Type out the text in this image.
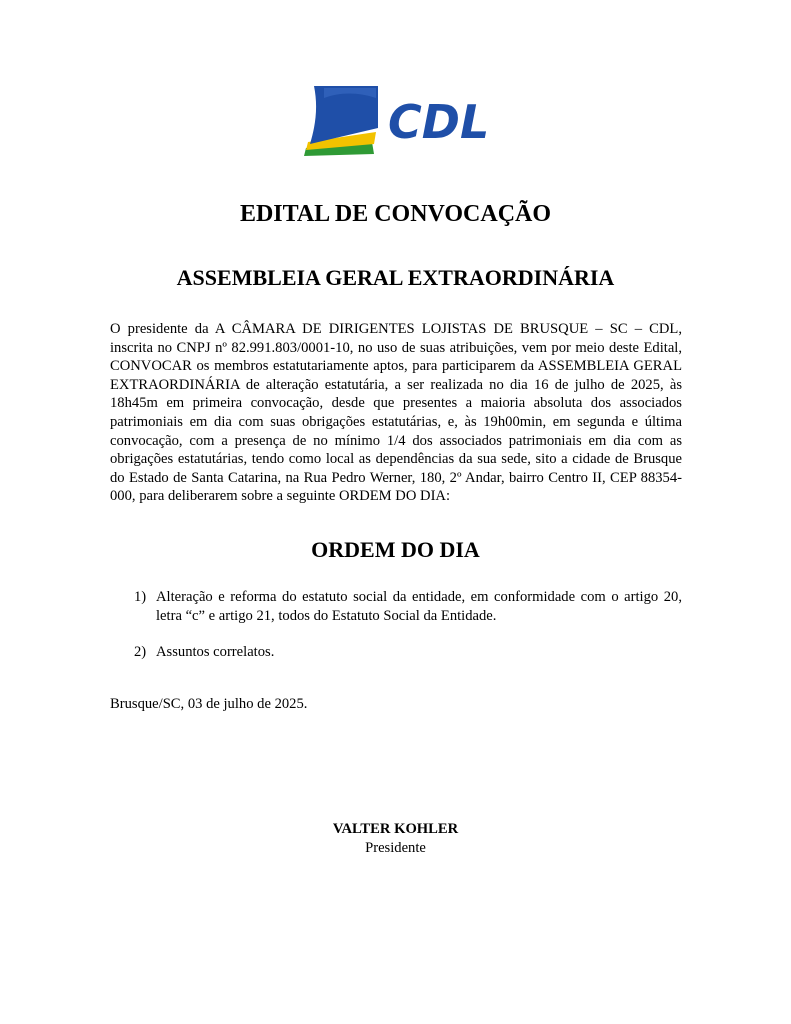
CDL
EDITAL DE CONVOCAÇÃO
ASSEMBLEIA GERAL EXTRAORDINÁRIA

O presidente da A CÂMARA DE DIRIGENTES LOJISTAS DE BRUSQUE – SC – CDL, inscrita no CNPJ nº 82.991.803/0001-10, no uso de suas atribuições, vem por meio deste Edital, CONVOCAR os membros estatutariamente aptos, para participarem da ASSEMBLEIA GERAL EXTRAORDINÁRIA de alteração estatutária, a ser realizada no dia 16 de julho de 2025, às 18h45m em primeira convocação, desde que presentes a maioria absoluta dos associados patrimoniais em dia com suas obrigações estatutárias, e, às 19h00min, em segunda e última convocação, com a presença de no mínimo 1/4 dos associados patrimoniais em dia com as obrigações estatutárias, tendo como local as dependências da sua sede, sito a cidade de Brusque do Estado de Santa Catarina, na Rua Pedro Werner, 180, 2º Andar, bairro Centro II, CEP 88354-000, para deliberarem sobre a seguinte ORDEM DO DIA:

ORDEM DO DIA
1) Alteração e reforma do estatuto social da entidade, em conformidade com o artigo 20, letra “c” e artigo 21, todos do Estatuto Social da Entidade.
2) Assuntos correlatos.

Brusque/SC, 03 de julho de 2025.

VALTER KOHLER
Presidente
